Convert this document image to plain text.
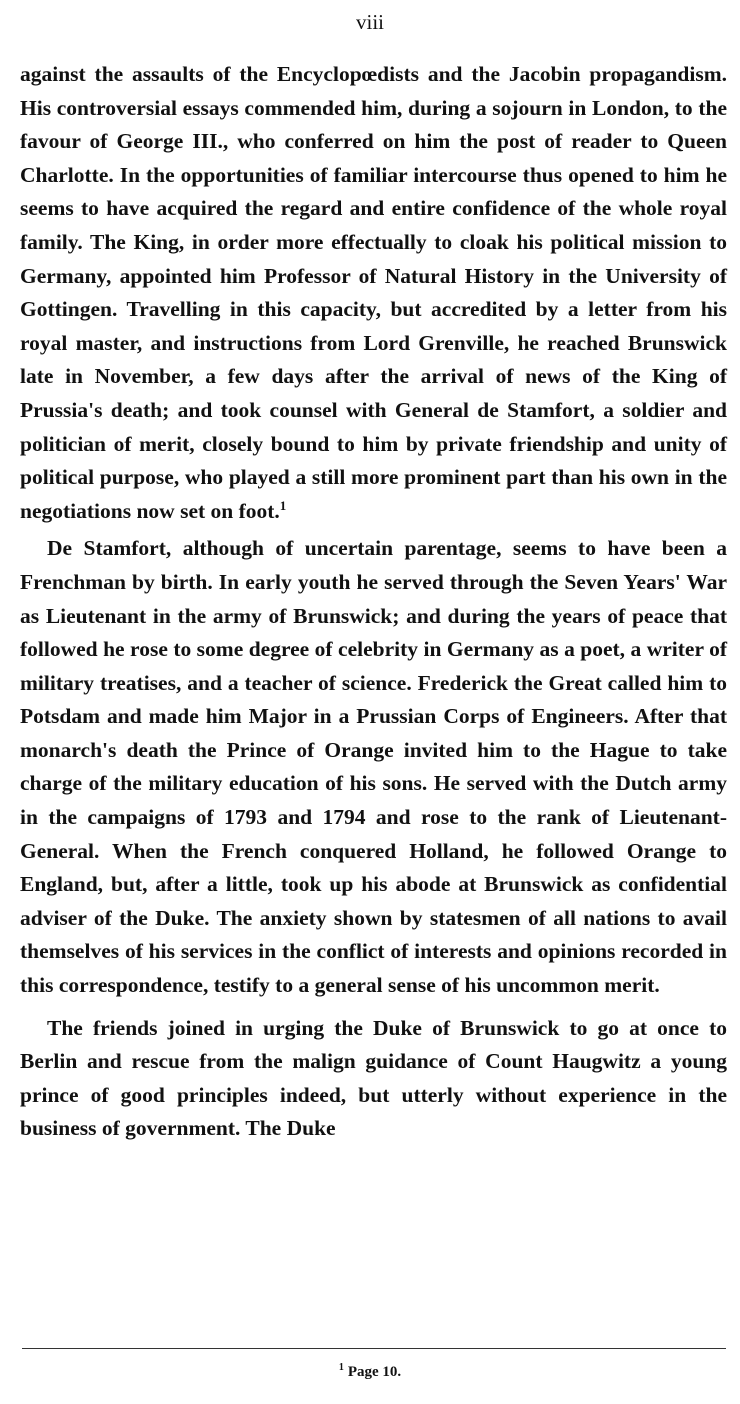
viii

against the assaults of the Encyclopœdists and the Jacobin propagandism. His controversial essays commended him, during a sojourn in London, to the favour of George III., who conferred on him the post of reader to Queen Charlotte. In the opportunities of familiar intercourse thus opened to him he seems to have acquired the regard and entire confidence of the whole royal family. The King, in order more effectually to cloak his political mission to Germany, appointed him Professor of Natural History in the University of Gottingen. Travelling in this capacity, but accredited by a letter from his royal master, and instructions from Lord Grenville, he reached Brunswick late in November, a few days after the arrival of news of the King of Prussia's death; and took counsel with General de Stamfort, a soldier and politician of merit, closely bound to him by private friendship and unity of political purpose, who played a still more prominent part than his own in the negotiations now set on foot.$^1$

De Stamfort, although of uncertain parentage, seems to have been a Frenchman by birth. In early youth he served through the Seven Years' War as Lieutenant in the army of Brunswick; and during the years of peace that followed he rose to some degree of celebrity in Germany as a poet, a writer of military treatises, and a teacher of science. Frederick the Great called him to Potsdam and made him Major in a Prussian Corps of Engineers. After that monarch's death the Prince of Orange invited him to the Hague to take charge of the military education of his sons. He served with the Dutch army in the campaigns of 1793 and 1794 and rose to the rank of Lieutenant-General. When the French conquered Holland, he followed Orange to England, but, after a little, took up his abode at Brunswick as confidential adviser of the Duke. The anxiety shown by statesmen of all nations to avail themselves of his services in the conflict of interests and opinions recorded in this correspondence, testify to a general sense of his uncommon merit.

The friends joined in urging the Duke of Brunswick to go at once to Berlin and rescue from the malign guidance of Count Haugwitz a young prince of good principles indeed, but utterly without experience in the business of government. The Duke

$^1$ Page 10.
